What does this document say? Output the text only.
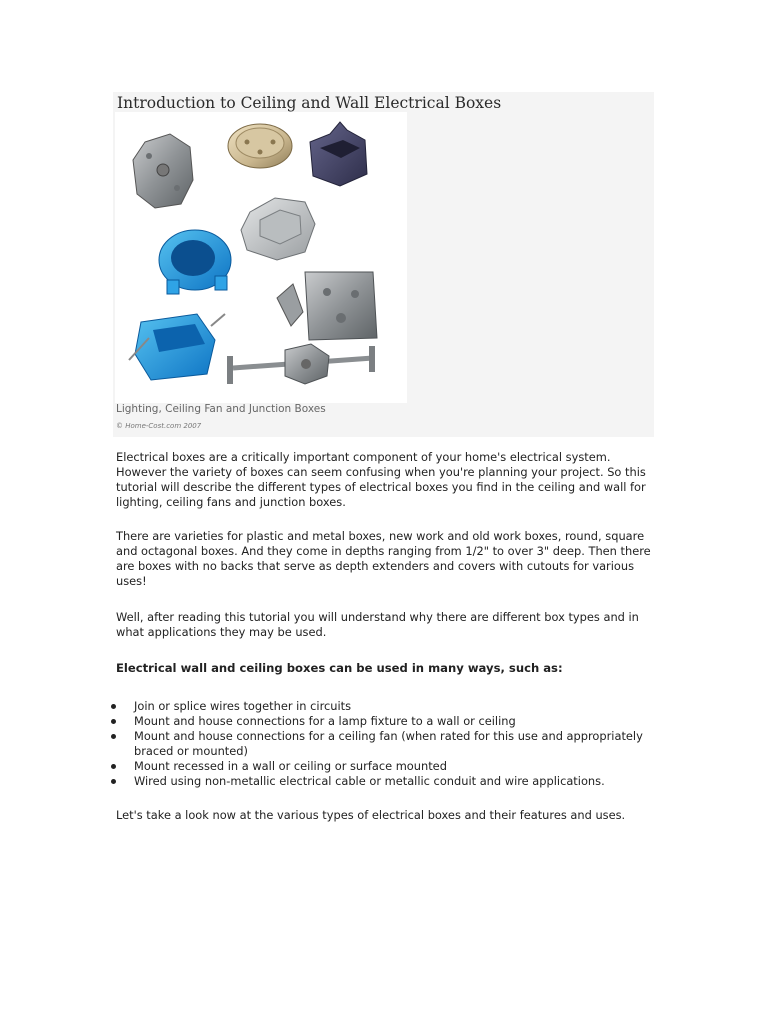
Introduction to Ceiling and Wall Electrical Boxes

Lighting, Ceiling Fan and Junction Boxes

© Home-Cost.com 2007

Electrical boxes are a critically important component of your home's electrical system. However the variety of boxes can seem confusing when you're planning your project. So this tutorial will describe the different types of electrical boxes you find in the ceiling and wall for lighting, ceiling fans and junction boxes.

There are varieties for plastic and metal boxes, new work and old work boxes, round, square and octagonal boxes. And they come in depths ranging from 1/2" to over 3" deep. Then there are boxes with no backs that serve as depth extenders and covers with cutouts for various uses!

Well, after reading this tutorial you will understand why there are different box types and in what applications they may be used.

Electrical wall and ceiling boxes can be used in many ways, such as:

Join or splice wires together in circuits
Mount and house connections for a lamp fixture to a wall or ceiling
Mount and house connections for a ceiling fan (when rated for this use and appropriately braced or mounted)
Mount recessed in a wall or ceiling or surface mounted
Wired using non-metallic electrical cable or metallic conduit and wire applications.

Let's take a look now at the various types of electrical boxes and their features and uses.
